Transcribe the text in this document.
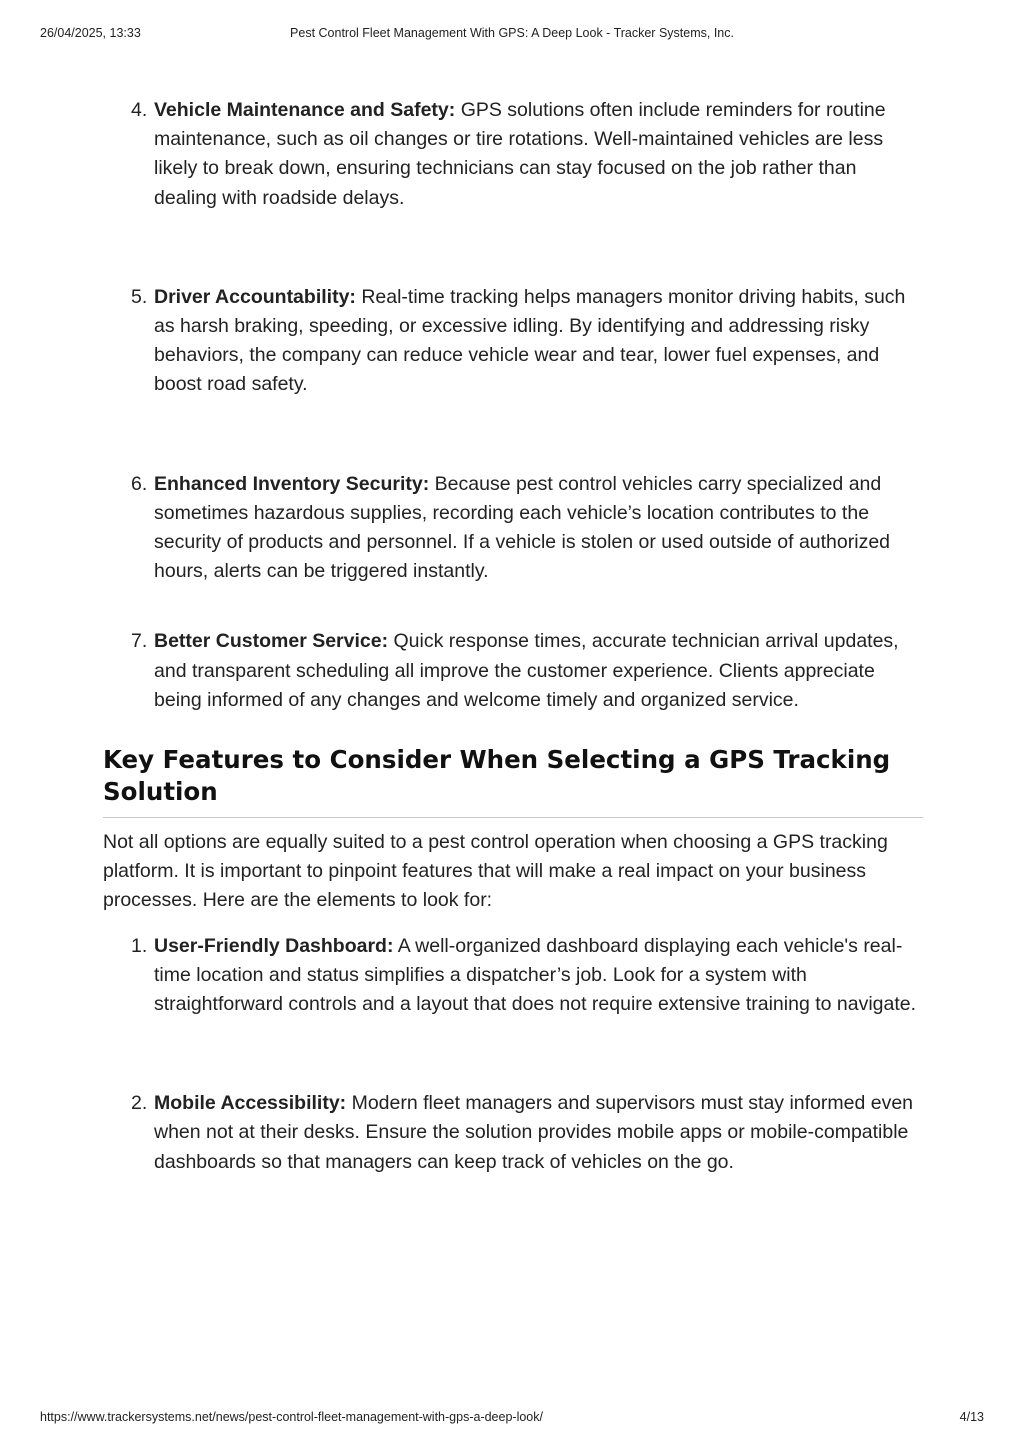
26/04/2025, 13:33	Pest Control Fleet Management With GPS: A Deep Look - Tracker Systems, Inc.
4. Vehicle Maintenance and Safety: GPS solutions often include reminders for routine maintenance, such as oil changes or tire rotations. Well-maintained vehicles are less likely to break down, ensuring technicians can stay focused on the job rather than dealing with roadside delays.
5. Driver Accountability: Real-time tracking helps managers monitor driving habits, such as harsh braking, speeding, or excessive idling. By identifying and addressing risky behaviors, the company can reduce vehicle wear and tear, lower fuel expenses, and boost road safety.
6. Enhanced Inventory Security: Because pest control vehicles carry specialized and sometimes hazardous supplies, recording each vehicle’s location contributes to the security of products and personnel. If a vehicle is stolen or used outside of authorized hours, alerts can be triggered instantly.
7. Better Customer Service: Quick response times, accurate technician arrival updates, and transparent scheduling all improve the customer experience. Clients appreciate being informed of any changes and welcome timely and organized service.
Key Features to Consider When Selecting a GPS Tracking Solution

Not all options are equally suited to a pest control operation when choosing a GPS tracking platform. It is important to pinpoint features that will make a real impact on your business processes. Here are the elements to look for:

1. User-Friendly Dashboard: A well-organized dashboard displaying each vehicle's real-time location and status simplifies a dispatcher’s job. Look for a system with straightforward controls and a layout that does not require extensive training to navigate.
2. Mobile Accessibility: Modern fleet managers and supervisors must stay informed even when not at their desks. Ensure the solution provides mobile apps or mobile-compatible dashboards so that managers can keep track of vehicles on the go.
https://www.trackersystems.net/news/pest-control-fleet-management-with-gps-a-deep-look/	4/13
